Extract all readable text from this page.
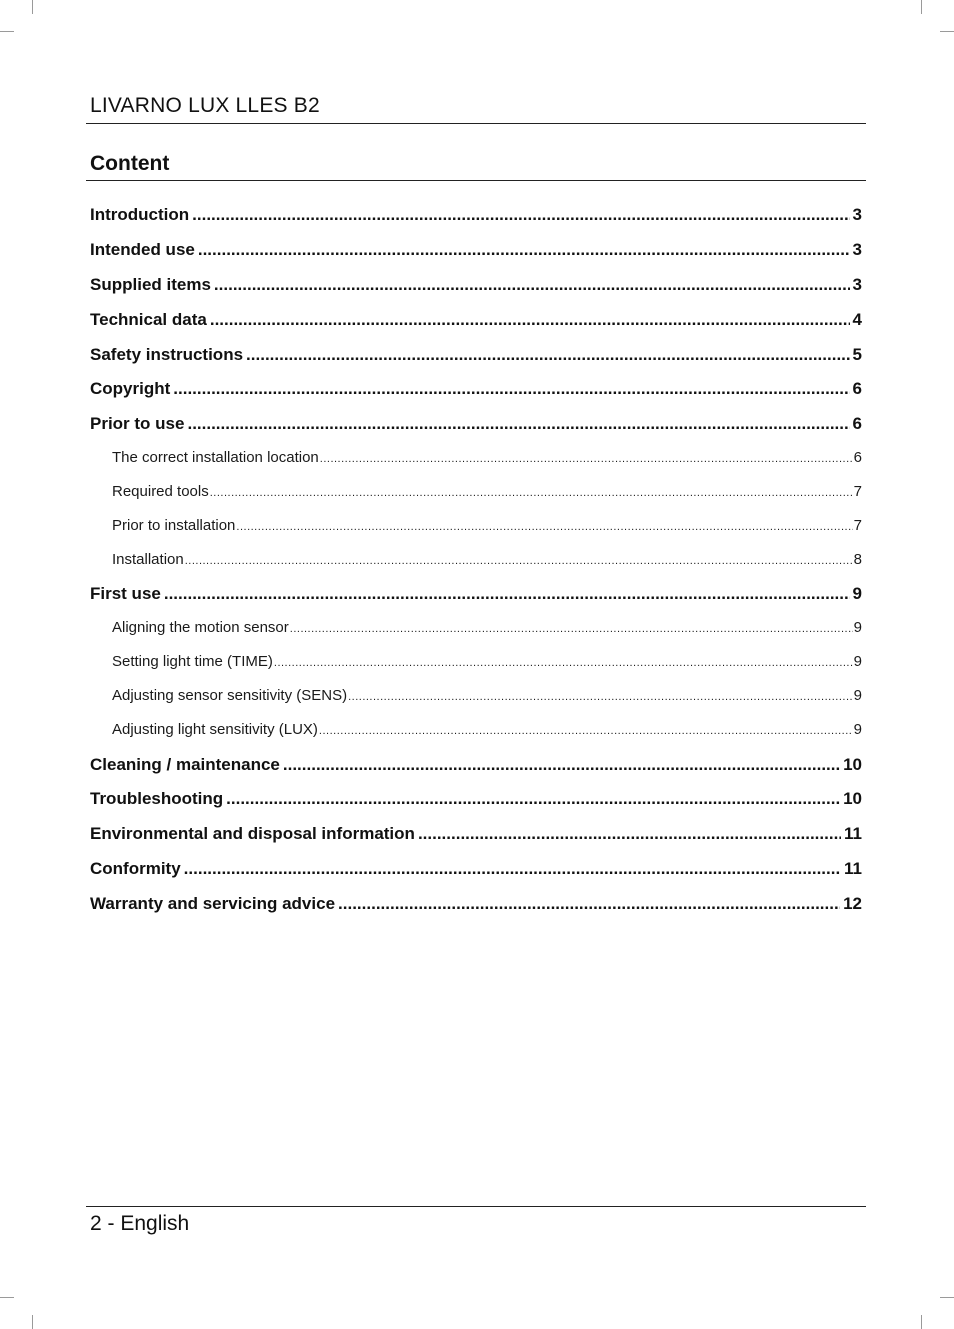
LIVARNO LUX LLES B2
Content
Introduction .....	3
Intended use .....	3
Supplied items .....	3
Technical data .....	4
Safety instructions .....	5
Copyright .....	6
Prior to use .....	6
The correct installation location .....	6
Required tools .....	7
Prior to installation .....	7
Installation .....	8
First use .....	9
Aligning the motion sensor .....	9
Setting light time (TIME) .....	9
Adjusting sensor sensitivity (SENS) .....	9
Adjusting light sensitivity (LUX) .....	9
Cleaning / maintenance .....	10
Troubleshooting .....	10
Environmental and disposal information .....	11
Conformity .....	11
Warranty and servicing advice .....	12
2 - English
